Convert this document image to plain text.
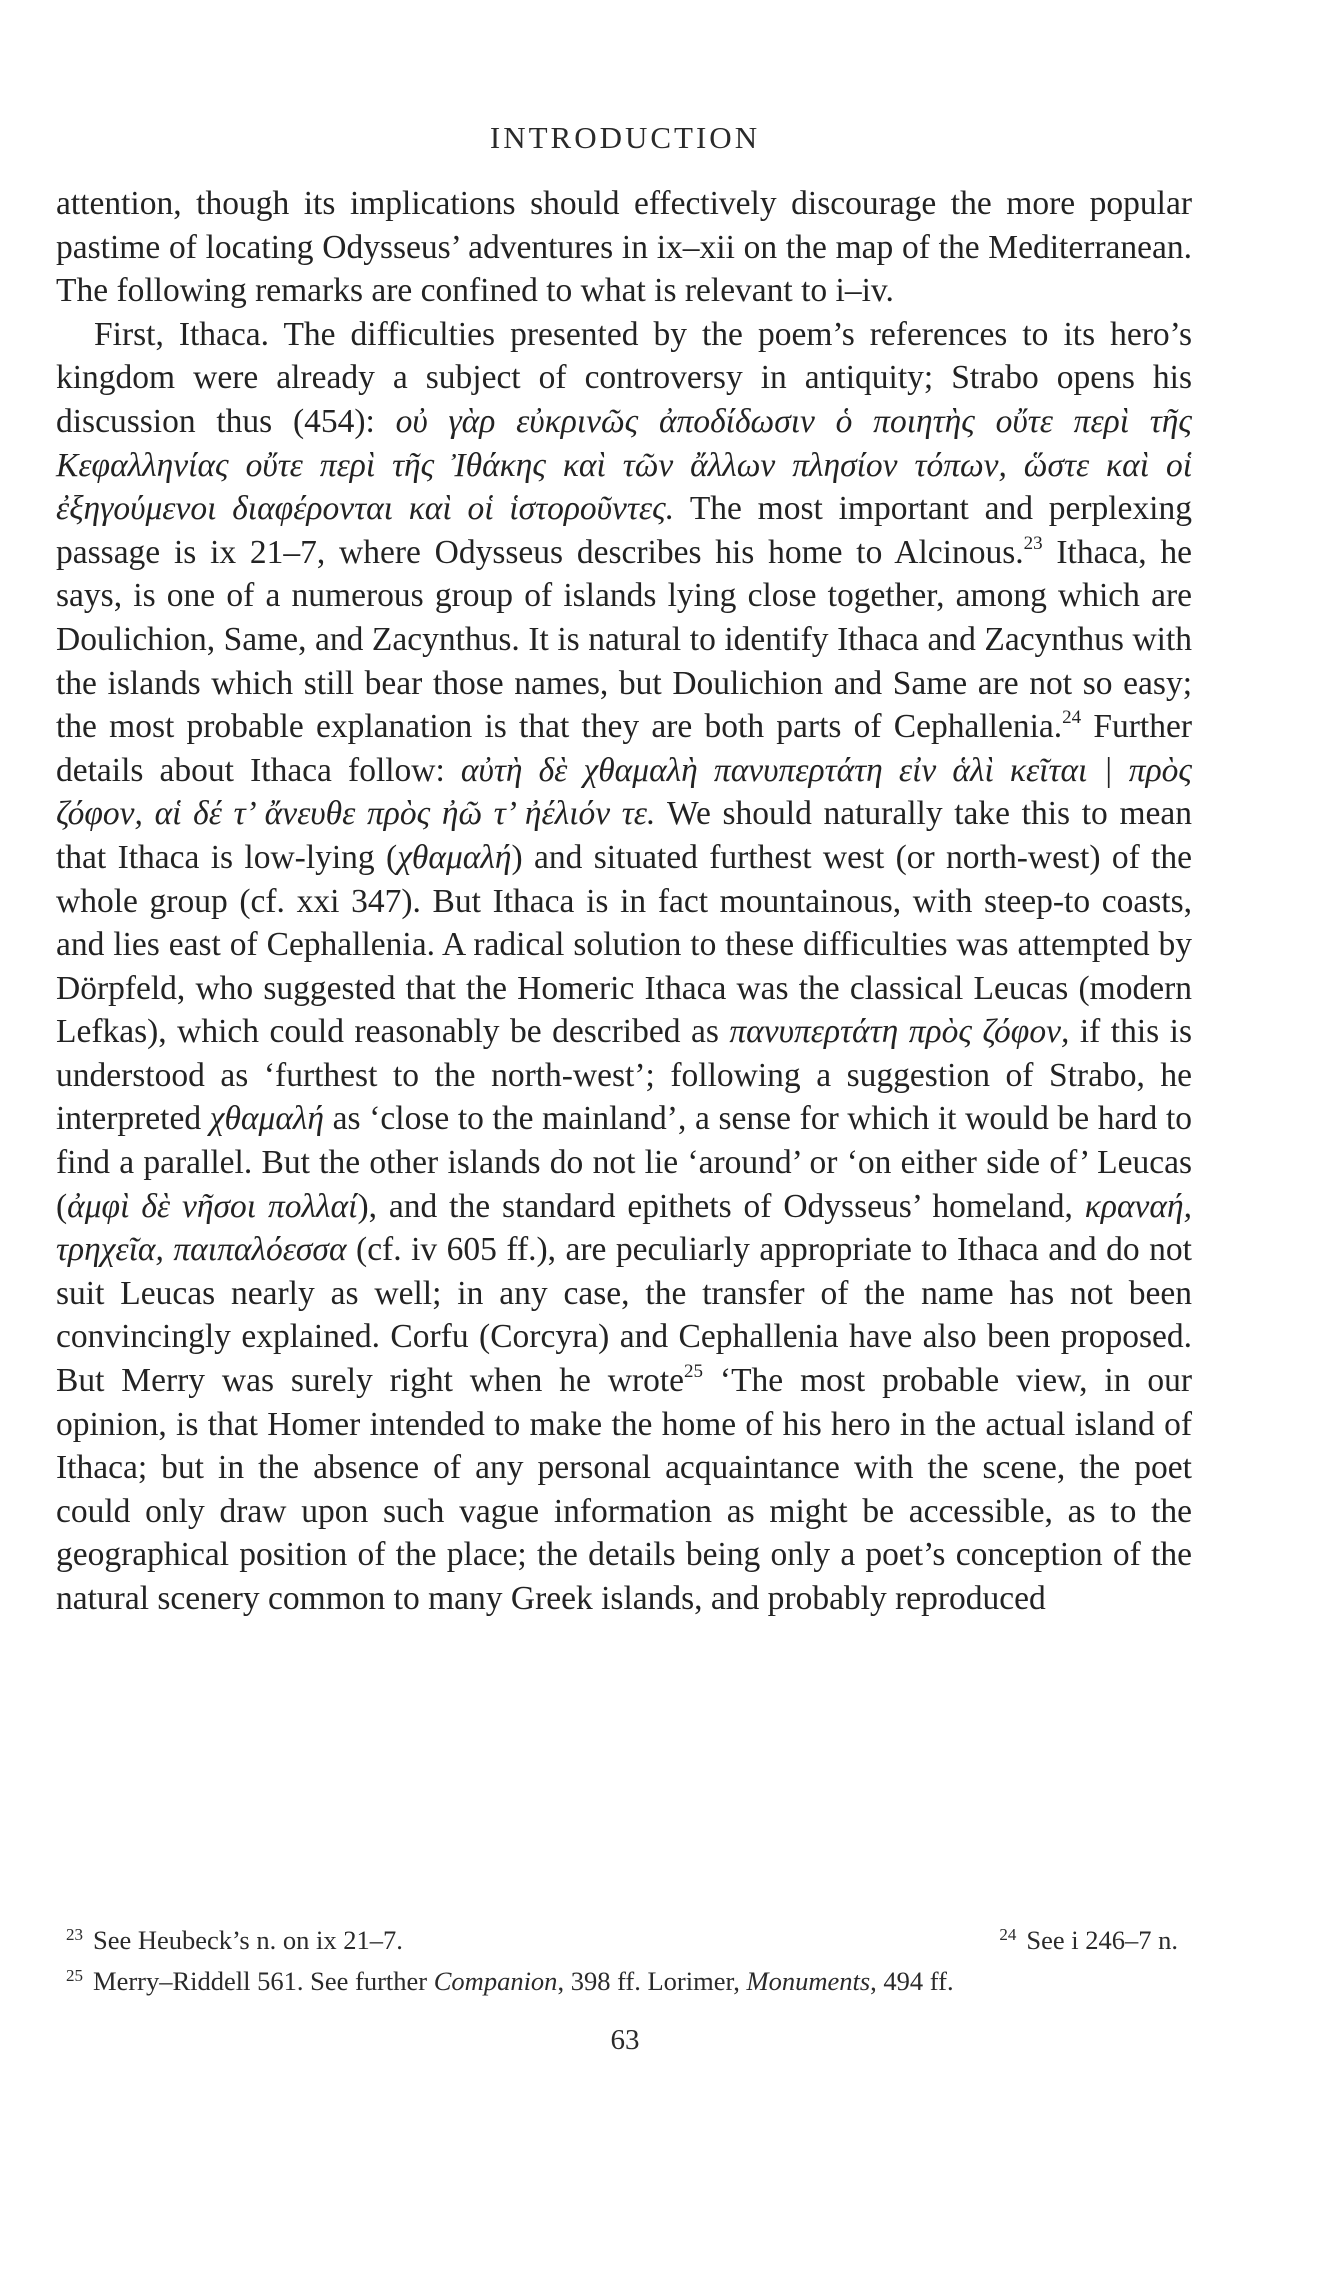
INTRODUCTION

attention, though its implications should effectively discourage the more popular pastime of locating Odysseus’ adventures in ix–xii on the map of the Mediterranean. The following remarks are confined to what is relevant to i–iv.

First, Ithaca. The difficulties presented by the poem’s references to its hero’s kingdom were already a subject of controversy in antiquity; Strabo opens his discussion thus (454): οὐ γὰρ εὐκρινῶς ἀποδίδωσιν ὁ ποιητὴς οὔτε περὶ τῆς Κεφαλληνίας οὔτε περὶ τῆς Ἰθάκης καὶ τῶν ἄλλων πλησίον τόπων, ὥστε καὶ οἱ ἐξηγούμενοι διαφέρονται καὶ οἱ ἱστοροῦντες. The most important and perplexing passage is ix 21–7, where Odysseus describes his home to Alcinous.$^{23}$ Ithaca, he says, is one of a numerous group of islands lying close together, among which are Doulichion, Same, and Zacynthus. It is natural to identify Ithaca and Zacynthus with the islands which still bear those names, but Doulichion and Same are not so easy; the most probable explanation is that they are both parts of Cephallenia.$^{24}$ Further details about Ithaca follow: αὐτὴ δὲ χθαμαλὴ πανυπερτάτη εἰν ἁλὶ κεῖται | πρὸς ζόφον, αἱ δέ τ’ ἄνευθε πρὸς ἠῶ τ’ ἠέλιόν τε. We should naturally take this to mean that Ithaca is low-lying (χθαμαλή) and situated furthest west (or north-west) of the whole group (cf. xxi 347). But Ithaca is in fact mountainous, with steep-to coasts, and lies east of Cephallenia. A radical solution to these difficulties was attempted by Dörpfeld, who suggested that the Homeric Ithaca was the classical Leucas (modern Lefkas), which could reasonably be described as πανυπερτάτη πρὸς ζόφον, if this is understood as ‘furthest to the north-west’; following a suggestion of Strabo, he interpreted χθαμαλή as ‘close to the mainland’, a sense for which it would be hard to find a parallel. But the other islands do not lie ‘around’ or ‘on either side of’ Leucas (ἀμφὶ δὲ νῆσοι πολλαί), and the standard epithets of Odysseus’ homeland, κραναή, τρηχεῖα, παιπαλόεσσα (cf. iv 605 ff.), are peculiarly appropriate to Ithaca and do not suit Leucas nearly as well; in any case, the transfer of the name has not been convincingly explained. Corfu (Corcyra) and Cephallenia have also been proposed. But Merry was surely right when he wrote$^{25}$ ‘The most probable view, in our opinion, is that Homer intended to make the home of his hero in the actual island of Ithaca; but in the absence of any personal acquaintance with the scene, the poet could only draw upon such vague information as might be accessible, as to the geographical position of the place; the details being only a poet’s conception of the natural scenery common to many Greek islands, and probably reproduced

$^{23}$ See Heubeck’s n. on ix 21–7.	$^{24}$ See i 246–7 n.
$^{25}$ Merry–Riddell 561. See further Companion, 398 ff. Lorimer, Monuments, 494 ff.
63
